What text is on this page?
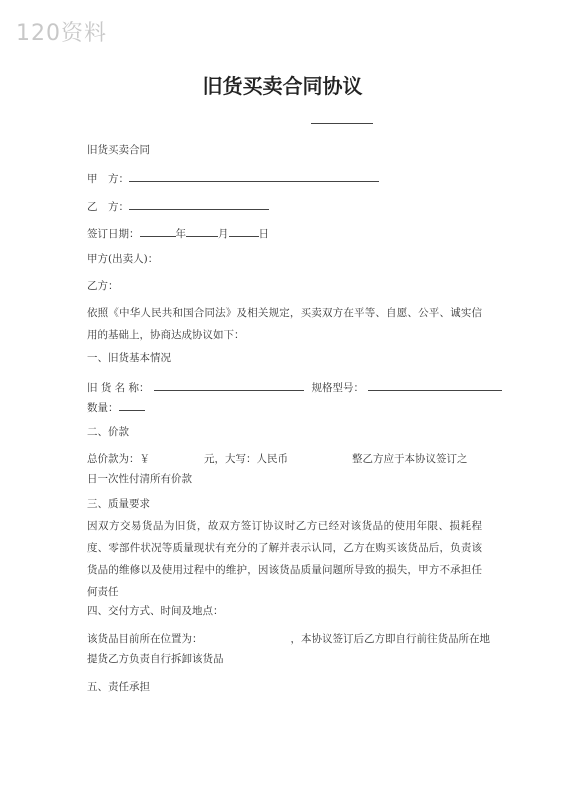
120资料
旧货买卖合同协议
旧货买卖合同
甲　方：
乙　方：
签订日期：	年	月	日
甲方(出卖人)：
乙方：
依照《中华人民共和国合同法》及相关规定，买卖双方在平等、自愿、公平、诚实信用的基础上，协商达成协议如下：
一、旧货基本情况
旧 货 名 称：	规格型号：
数量：
二、价款
总价款为：￥	元，大写：人民币	整乙方应于本协议签订之
日一次性付清所有价款
三、质量要求
因双方交易货品为旧货，故双方签订协议时乙方已经对该货品的使用年限、损耗程度、零部件状况等质量现状有充分的了解并表示认同，乙方在购买该货品后，负责该货品的维修以及使用过程中的维护，因该货品质量问题所导致的损失，甲方不承担任何责任
四、交付方式、时间及地点：
该货品目前所在位置为：	，本协议签订后乙方即自行前往货品所在地
提货乙方负责自行拆卸该货品
五、责任承担
